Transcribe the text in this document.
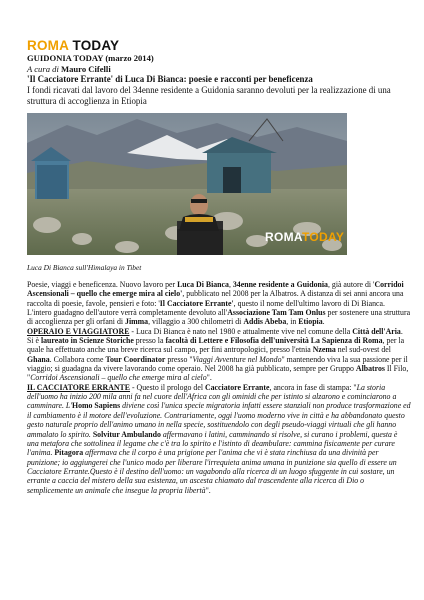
ROMA TODAY
GUIDONIA TODAY (marzo 2014)
A cura di Mauro Cifelli
'Il Cacciatore Errante' di Luca Di Bianca: poesie e racconti per beneficenza
I fondi ricavati dal lavoro del 34enne residente a Guidonia saranno devoluti per la realizzazione di una struttura di accoglienza in Etiopia
ROMATODAY
Luca Di Bianca sull'Himalaya in Tibet

Poesie, viaggi e beneficenza. Nuovo lavoro per Luca Di Bianca, 34enne residente a Guidonia, già autore di 'Corridoi Ascensionali – quello che emerge mira al cielo', pubblicato nel 2008 per la Albatros. A distanza di sei anni ancora una raccolta di poesie, favole, pensieri e foto: 'Il Cacciatore Errante', questo il nome dell'ultimo lavoro di Di Bianca. L'intero guadagno dell'autore verrà completamente devoluto all'Associazione Tam Tam Onlus per sostenere una struttura di accoglienza per gli orfani di Jimma, villaggio a 300 chilometri di Addis Abeba, in Etiopia.

OPERAIO E VIAGGIATORE - Luca Di Bianca è nato nel 1980 e attualmente vive nel comune della Città dell'Aria. Si è laureato in Scienze Storiche presso la facoltà di Lettere e Filosofia dell'università La Sapienza di Roma, per la quale ha effettuato anche una breve ricerca sul campo, per fini antropologici, presso l'etnia Nzema nel sud-ovest del Ghana. Collabora come Tour Coordinator presso "Viaggi Avventure nel Mondo" mantenendo viva la sua passione per il viaggio; si guadagna da vivere lavorando come operaio. Nel 2008 ha già pubblicato, sempre per Gruppo Albatros Il Filo, "Corridoi Ascensionali – quello che emerge mira al cielo".

IL CACCIATORE ERRANTE - Questo il prologo del Cacciatore Errante, ancora in fase di stampa: "La storia dell'uomo ha inizio 200 mila anni fa nel cuore dell'Africa con gli ominidi che per istinto si alzarono e cominciarono a camminare. L'Homo Sapiens diviene così l'unica specie migratoria infatti essere stanziali non produce trasformazione ed il cambiamento è il motore dell'evoluzione. Contrariamente, oggi l'uomo moderno vive in città e ha abbandonato questo gesto naturale proprio dell'animo umano in nella specie, sostituendolo con degli pseudo-viaggi virtuali che gli hanno ammalato lo spirito. Solvitur Ambulando affermavano i latini, camminando si risolve, si curano i problemi, questa è una metafora che sottolinea il legame che c'è tra lo spirito e l'istinto di deambulare: cammina fisicamente per curare l'anima. Pitagora affermava che il corpo è una prigione per l'anima che vi è stata rinchiusa da una divinità per punizione; io aggiungerei che l'unico modo per liberare l'irrequieta anima umana in punizione sia quello di essere un Cacciatore Errante.Questo è il destino dell'uomo: un vagabondo alla ricerca di un luogo sfuggente in cui sostare, un errante a caccia del mistero della sua esistenza, un ascesta chiamato dal trascendente alla ricerca di Dio o semplicemente un animale che insegue la propria libertà".
